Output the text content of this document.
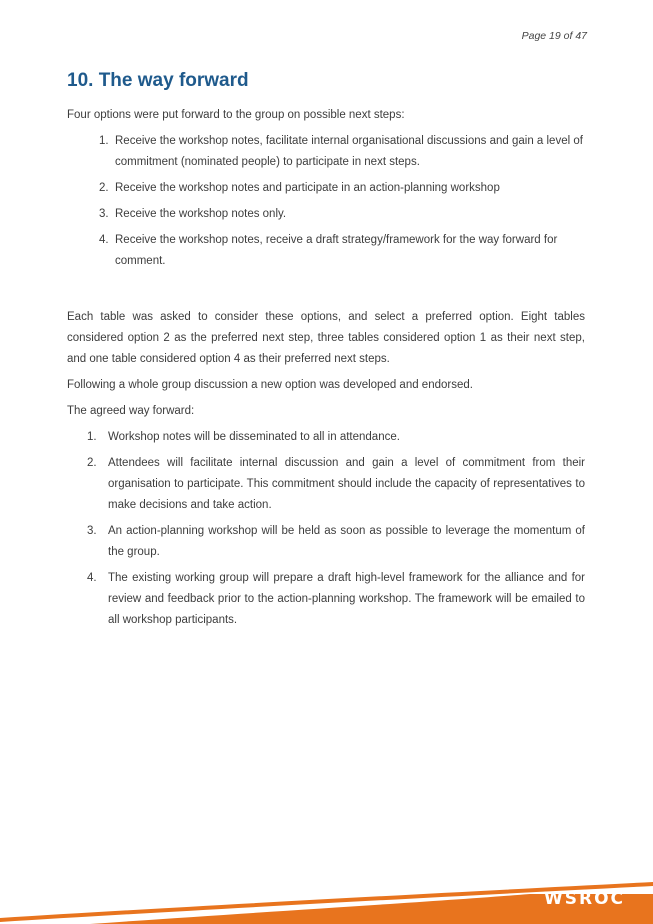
Page 19 of 47
10. The way forward

Four options were put forward to the group on possible next steps:

1. Receive the workshop notes, facilitate internal organisational discussions and gain a level of commitment (nominated people) to participate in next steps.
2. Receive the workshop notes and participate in an action-planning workshop
3. Receive the workshop notes only.
4. Receive the workshop notes, receive a draft strategy/framework for the way forward for comment.

Each table was asked to consider these options, and select a preferred option. Eight tables considered option 2 as the preferred next step, three tables considered option 1 as their next step, and one table considered option 4 as their preferred next steps.

Following a whole group discussion a new option was developed and endorsed.

The agreed way forward:

1. Workshop notes will be disseminated to all in attendance.
2. Attendees will facilitate internal discussion and gain a level of commitment from their organisation to participate. This commitment should include the capacity of representatives to make decisions and take action.
3. An action-planning workshop will be held as soon as possible to leverage the momentum of the group.
4. The existing working group will prepare a draft high-level framework for the alliance and for review and feedback prior to the action-planning workshop. The framework will be emailed to all workshop participants.
WSROC
